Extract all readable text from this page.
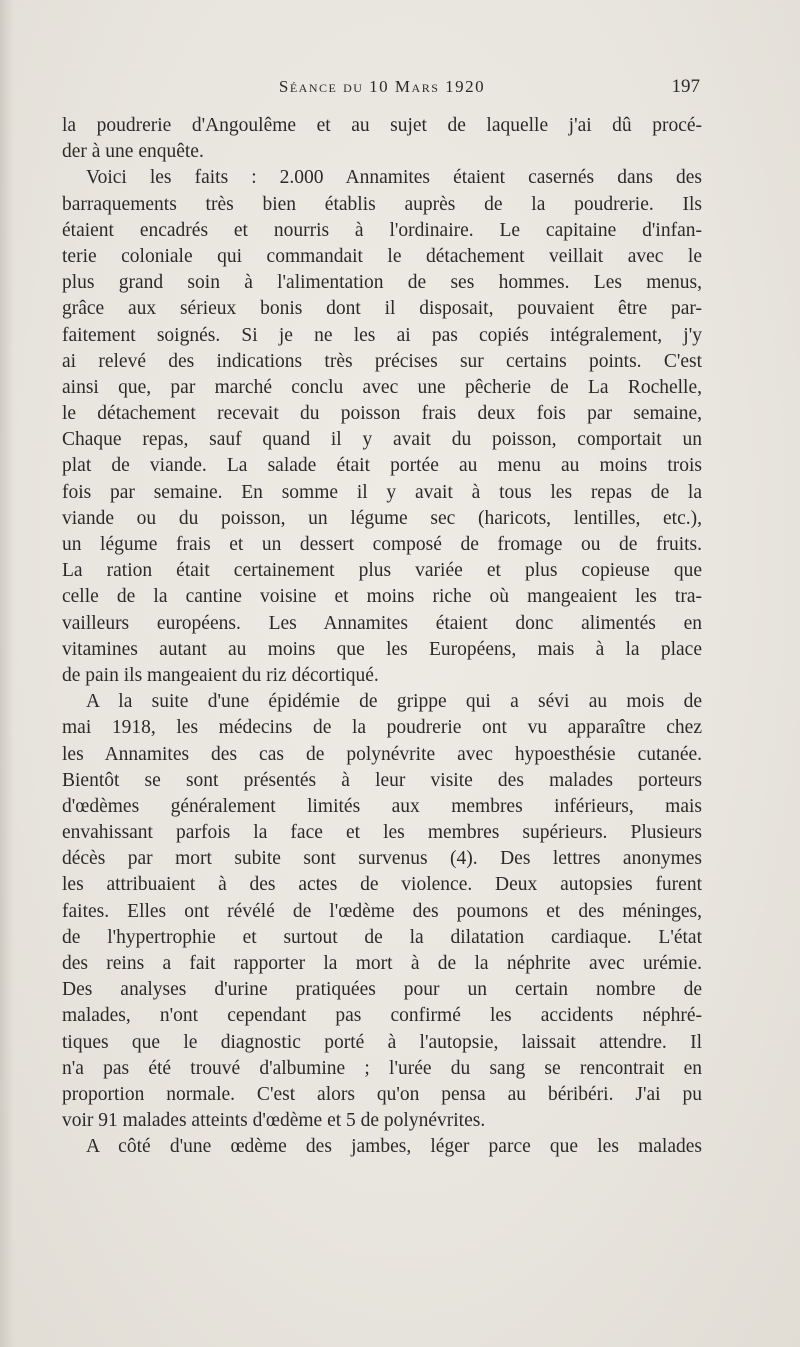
Séance du 10 Mars 1920	197
la poudrerie d'Angoulême et au sujet de laquelle j'ai dû procé-
der à une enquête.
Voici les faits : 2.000 Annamites étaient casernés dans des
barraquements très bien établis auprès de la poudrerie. Ils
étaient encadrés et nourris à l'ordinaire. Le capitaine d'infan-
terie coloniale qui commandait le détachement veillait avec le
plus grand soin à l'alimentation de ses hommes. Les menus,
grâce aux sérieux bonis dont il disposait, pouvaient être par-
faitement soignés. Si je ne les ai pas copiés intégralement, j'y
ai relevé des indications très précises sur certains points. C'est
ainsi que, par marché conclu avec une pêcherie de La Rochelle,
le détachement recevait du poisson frais deux fois par semaine,
Chaque repas, sauf quand il y avait du poisson, comportait un
plat de viande. La salade était portée au menu au moins trois
fois par semaine. En somme il y avait à tous les repas de la
viande ou du poisson, un légume sec (haricots, lentilles, etc.),
un légume frais et un dessert composé de fromage ou de fruits.
La ration était certainement plus variée et plus copieuse que
celle de la cantine voisine et moins riche où mangeaient les tra-
vailleurs européens. Les Annamites étaient donc alimentés en
vitamines autant au moins que les Européens, mais à la place
de pain ils mangeaient du riz décortiqué.
A la suite d'une épidémie de grippe qui a sévi au mois de
mai 1918, les médecins de la poudrerie ont vu apparaître chez
les Annamites des cas de polynévrite avec hypoesthésie cutanée.
Bientôt se sont présentés à leur visite des malades porteurs
d'œdèmes généralement limités aux membres inférieurs, mais
envahissant parfois la face et les membres supérieurs. Plusieurs
décès par mort subite sont survenus (4). Des lettres anonymes
les attribuaient à des actes de violence. Deux autopsies furent
faites. Elles ont révélé de l'œdème des poumons et des méninges,
de l'hypertrophie et surtout de la dilatation cardiaque. L'état
des reins a fait rapporter la mort à de la néphrite avec urémie.
Des analyses d'urine pratiquées pour un certain nombre de
malades, n'ont cependant pas confirmé les accidents néphré-
tiques que le diagnostic porté à l'autopsie, laissait attendre. Il
n'a pas été trouvé d'albumine ; l'urée du sang se rencontrait en
proportion normale. C'est alors qu'on pensa au béribéri. J'ai pu
voir 91 malades atteints d'œdème et 5 de polynévrites.
A côté d'une œdème des jambes, léger parce que les malades
